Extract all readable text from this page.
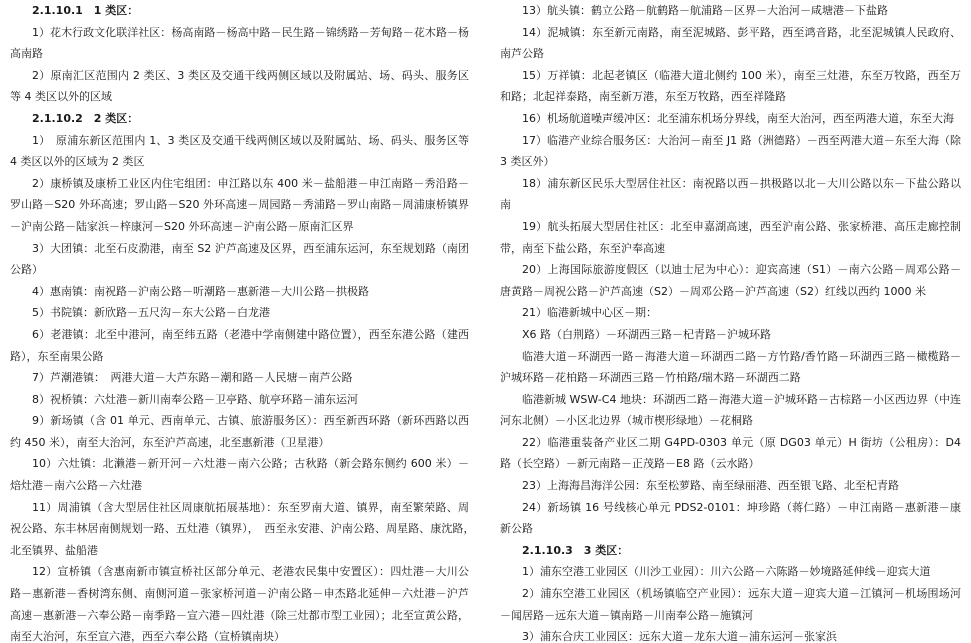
2.1.10.1　1 类区：

1）花木行政文化联洋社区：杨高南路－杨高中路－民生路－锦绣路－芳甸路－花木路－杨高南路

2）原南汇区范围内 2 类区、3 类区及交通干线两侧区域以及附属站、场、码头、服务区等 4 类区以外的区域

2.1.10.2　2 类区：

1）　原浦东新区范围内 1、3 类区及交通干线两侧区域以及附属站、场、码头、服务区等 4 类区以外的区域为 2 类区

2）康桥镇及康桥工业区内住宅组团：申江路以东 400 米－盐船港－申江南路－秀沿路－罗山路－S20 外环高速；罗山路－S20 外环高速－周园路－秀浦路－罗山南路－周浦康桥镇界－沪南公路－陆家浜－梓康河－S20 外环高速－沪南公路－原南汇区界

3）大团镇：北至石皮泐港，南至 S2 沪芦高速及区界，西至浦东运河，东至规划路（南团公路）

4）惠南镇：南祝路－沪南公路－听潮路－惠新港－大川公路－拱极路

5）书院镇：新欣路－五尺沟－东大公路－白龙港

6）老港镇：北至中港河，南至纬五路（老港中学南侧建中路位置），西至东港公路（建西路），东至南果公路

7）芦潮港镇：　两港大道－大芦东路－潮和路－人民塘－南芦公路

8）祝桥镇：六灶港－新川南奉公路－卫亭路、航亭环路－浦东运河

9）新场镇（含 01 单元、西南单元、古镇、旅游服务区）：西至新西环路（新环西路以西约 450 米），南至大治河，东至沪芦高速，北至惠新港（卫星港）

10）六灶镇：北濑港－新开河－六灶港－南六公路；古秋路（新会路东侧约 600 米）－焙灶港－南六公路－六灶港

11）周浦镇（含大型居住社区周康航拓展基地）：东至罗南大道、镇界，南至繁荣路、周祝公路、东丰林居南侧规划一路、五灶港（镇界），　西至永安港、沪南公路、周星路、康沈路，　北至镇界、盐船港

12）宣桥镇（含惠南新市镇宣桥社区部分单元、老港农民集中安置区）：四灶港－大川公路－惠新港－香树湾东侧、南侧河道－张家桥河道－沪南公路－申杰路北延伸－六灶港－沪芦高速－惠新港－六奉公路－南季路－宣六港－四灶港（除三灶都市型工业园）；北至宣黄公路，南至大治河，东至宣六港，西至六奉公路（宣桥镇南块）

13）航头镇：鹤立公路－航鹤路－航浦路－区界－大治河－咸塘港－下盐路

14）泥城镇：东至新元南路，南至泥城路、彭平路，西至鸿音路，北至泥城镇人民政府、南芦公路

15）万祥镇：北起老镇区（临港大道北侧约 100 米），南至三灶港，东至万牧路，西至万和路；北起祥泰路，南至新万港，东至万牧路，西至祥隆路

16）机场航道噪声缓冲区：北至浦东机场分界线，南至大治河，西至两港大道，东至大海

17）临港产业综合服务区：大治河－南至 J1 路（洲德路）－西至两港大道－东至大海（除 3 类区外）

18）浦东新区民乐大型居住社区：南祝路以西－拱极路以北－大川公路以东－下盐公路以南

19）航头拓展大型居住社区：北至申嘉湖高速，西至沪南公路、张家桥港、高压走廊控制带，南至下盐公路，东至沪奉高速

20）上海国际旅游度假区（以迪士尼为中心）：迎宾高速（S1）－南六公路－周邓公路－唐黄路－周祝公路－沪芦高速（S2）－周邓公路－沪芦高速（S2）红线以西约 1000 米

21）临港新城中心区－期：

X6 路（白荆路）－环湖西三路－杞青路－沪城环路

临港大道－环湖西一路－海港大道－环湖西二路－方竹路/香竹路－环湖西三路－橄榄路－沪城环路－花柏路－环湖西三路－竹柏路/瑞木路－环湖西二路

临港新城 WSW-C4 地块：环湖西二路－海港大道－沪城环路－古棕路－小区西边界（中连河东北侧）－小区北边界（城市楔形绿地）－花桐路

22）临港重装备产业区二期 G4PD-0303 单元（原 DG03 单元）H 街坊（公租房）：D4 路（长空路）－新元南路－正茂路－E8 路（云水路）

23）上海海昌海洋公园：东至松萝路、南至绿丽港、西至银飞路、北至杞青路

24）新场镇 16 号线核心单元 PDS2-0101：坤珍路（蒋仁路）－申江南路－惠新港－康新公路

2.1.10.3　3 类区：

1）浦东空港工业园区（川沙工业园）：川六公路－六陈路－妙境路延伸线－迎宾大道

2）浦东空港工业园区（机场镇临空产业园）：远东大道－迎宾大道－江镇河－机场围场河－闻居路－远东大道－镇南路－川南奉公路－施镇河

3）浦东合庆工业园区：远东大道－龙东大道－浦东运河－张家浜
